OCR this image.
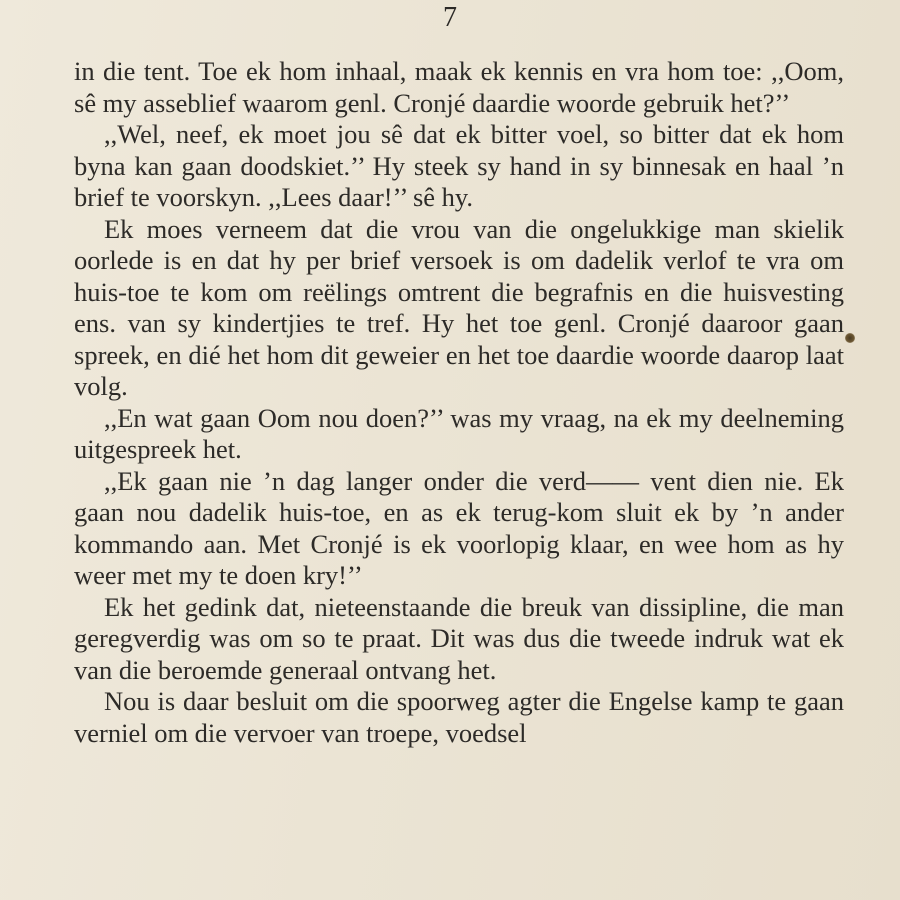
7

in die tent. Toe ek hom inhaal, maak ek kennis en vra hom toe: ,,Oom, sê my asseblief waarom genl. Cronjé daardie woorde gebruik het?’’

,,Wel, neef, ek moet jou sê dat ek bitter voel, so bitter dat ek hom byna kan gaan doodskiet.’’ Hy steek sy hand in sy binnesak en haal ’n brief te voorskyn. ,,Lees daar!’’ sê hy.

Ek moes verneem dat die vrou van die ongelukkige man skielik oorlede is en dat hy per brief versoek is om dadelik verlof te vra om huis-toe te kom om reëlings omtrent die begrafnis en die huisvesting ens. van sy kindertjies te tref. Hy het toe genl. Cronjé daaroor gaan spreek, en dié het hom dit geweier en het toe daardie woorde daarop laat volg.

,,En wat gaan Oom nou doen?’’ was my vraag, na ek my deelneming uitgespreek het.

,,Ek gaan nie ’n dag langer onder die verd—— vent dien nie. Ek gaan nou dadelik huis-toe, en as ek terug-kom sluit ek by ’n ander kommando aan. Met Cronjé is ek voorlopig klaar, en wee hom as hy weer met my te doen kry!’’

Ek het gedink dat, nieteenstaande die breuk van dissipline, die man geregverdig was om so te praat. Dit was dus die tweede indruk wat ek van die beroemde generaal ontvang het.

Nou is daar besluit om die spoorweg agter die Engelse kamp te gaan verniel om die vervoer van troepe, voedsel
